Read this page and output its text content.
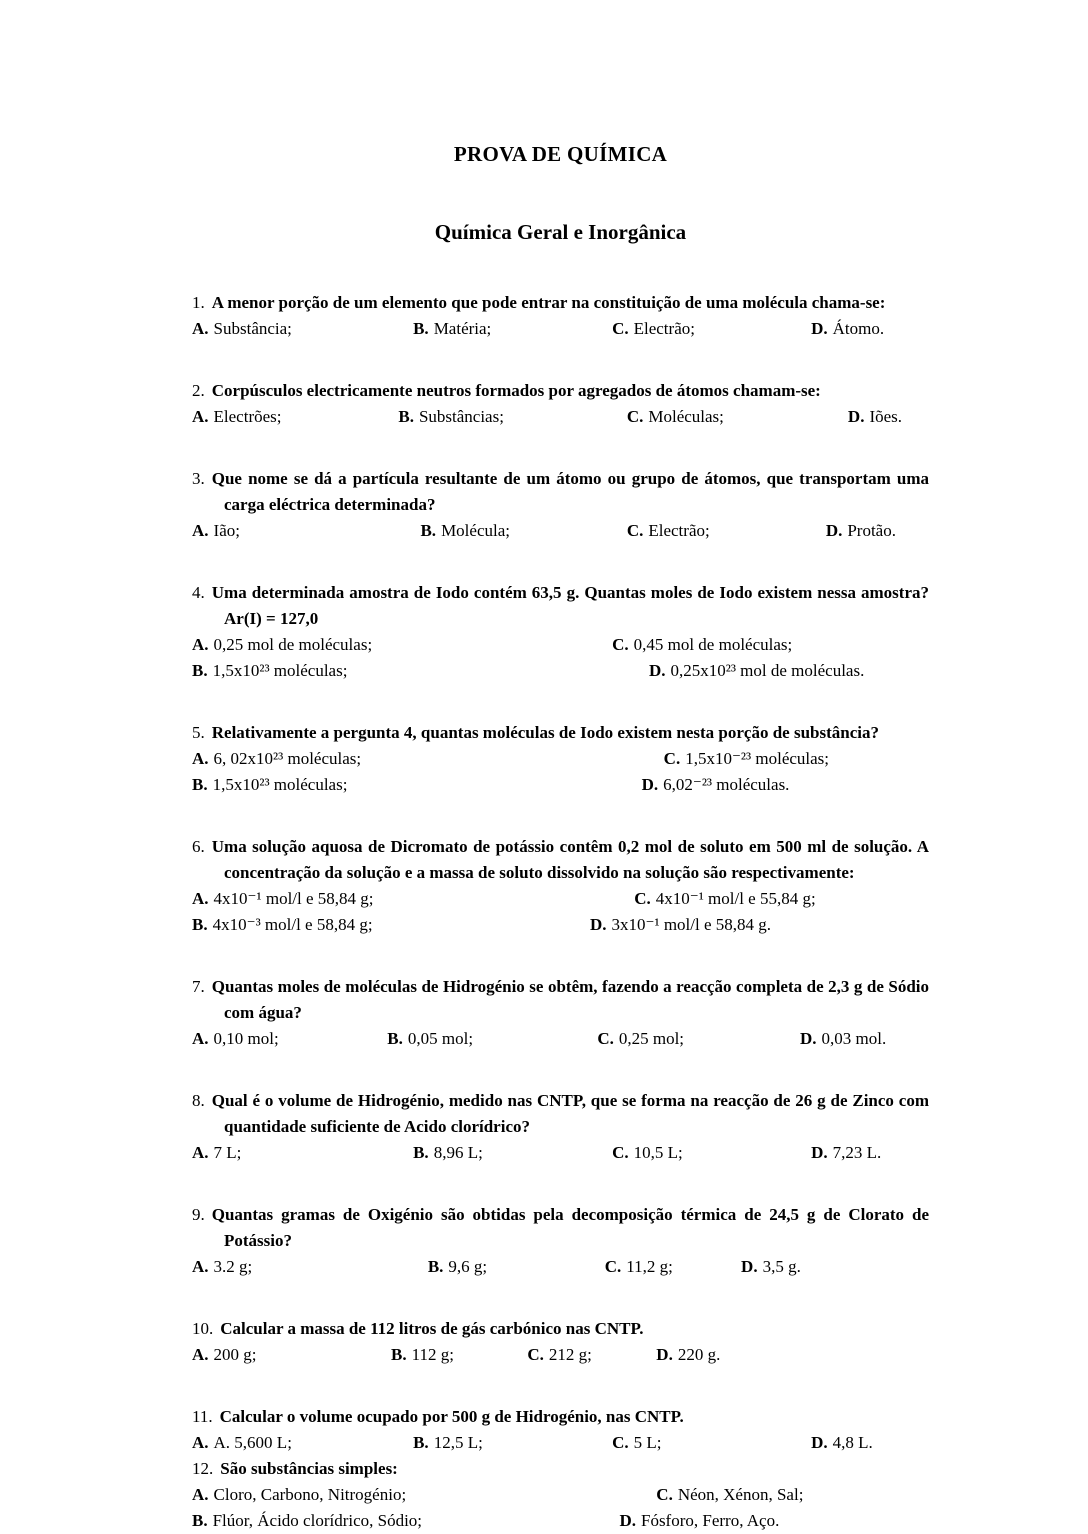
PROVA DE QUÍMICA
Química Geral e Inorgânica

1. A menor porção de um elemento que pode entrar na constituição de uma molécula chama-se:

A. Substância;	B. Matéria;	C. Electrão;	D. Átomo.

2. Corpúsculos electricamente neutros formados por agregados de átomos chamam-se:

A. Electrões;	B. Substâncias;	C. Moléculas;	D. Iões.

3. Que nome se dá a partícula resultante de um átomo ou grupo de átomos, que transportam uma carga eléctrica determinada?

A. Ião;	B. Molécula;	C. Electrão;	D. Protão.

4. Uma determinada amostra de Iodo contém 63,5 g. Quantas moles de Iodo existem nessa amostra? Ar(I) = 127,0

A. 0,25 mol de moléculas;	C. 0,45 mol de moléculas;
B. 1,5x10²³ moléculas;	D. 0,25x10²³ mol de moléculas.

5. Relativamente a pergunta 4, quantas moléculas de Iodo existem nesta porção de substância?

A. 6, 02x10²³ moléculas;	C. 1,5x10⁻²³ moléculas;
B. 1,5x10²³ moléculas;	D. 6,02⁻²³ moléculas.

6. Uma solução aquosa de Dicromato de potássio contêm 0,2 mol de soluto em 500 ml de solução. A concentração da solução e a massa de soluto dissolvido na solução são respectivamente:

A. 4x10⁻¹ mol/l e 58,84 g;	C. 4x10⁻¹ mol/l e 55,84 g;
B. 4x10⁻³ mol/l e 58,84 g;	D. 3x10⁻¹ mol/l e 58,84 g.

7. Quantas moles de moléculas de Hidrogénio se obtêm, fazendo a reacção completa de 2,3 g de Sódio com água?

A. 0,10 mol;	B. 0,05 mol;	C. 0,25 mol;	D. 0,03 mol.

8. Qual é o volume de Hidrogénio, medido nas CNTP, que se forma na reacção de 26 g de Zinco com quantidade suficiente de Acido clorídrico?

A. 7 L;	B. 8,96 L;	C. 10,5 L;	D. 7,23 L.

9. Quantas gramas de Oxigénio são obtidas pela decomposição térmica de 24,5 g de Clorato de Potássio?

A. 3.2 g;	B. 9,6 g;	C. 11,2 g;	D. 3,5 g.

10. Calcular a massa de 112 litros de gás carbónico nas CNTP.

A. 200 g;	B. 112 g;	C. 212 g;	D. 220 g.

11. Calcular o volume ocupado por 500 g de Hidrogénio, nas CNTP.

A. A. 5,600 L;	B. 12,5 L;	C. 5 L;	D. 4,8 L.

12. São substâncias simples:

A. Cloro, Carbono, Nitrogénio;	C. Néon, Xénon, Sal;
B. Flúor, Ácido clorídrico, Sódio;	D. Fósforo, Ferro, Aço.
